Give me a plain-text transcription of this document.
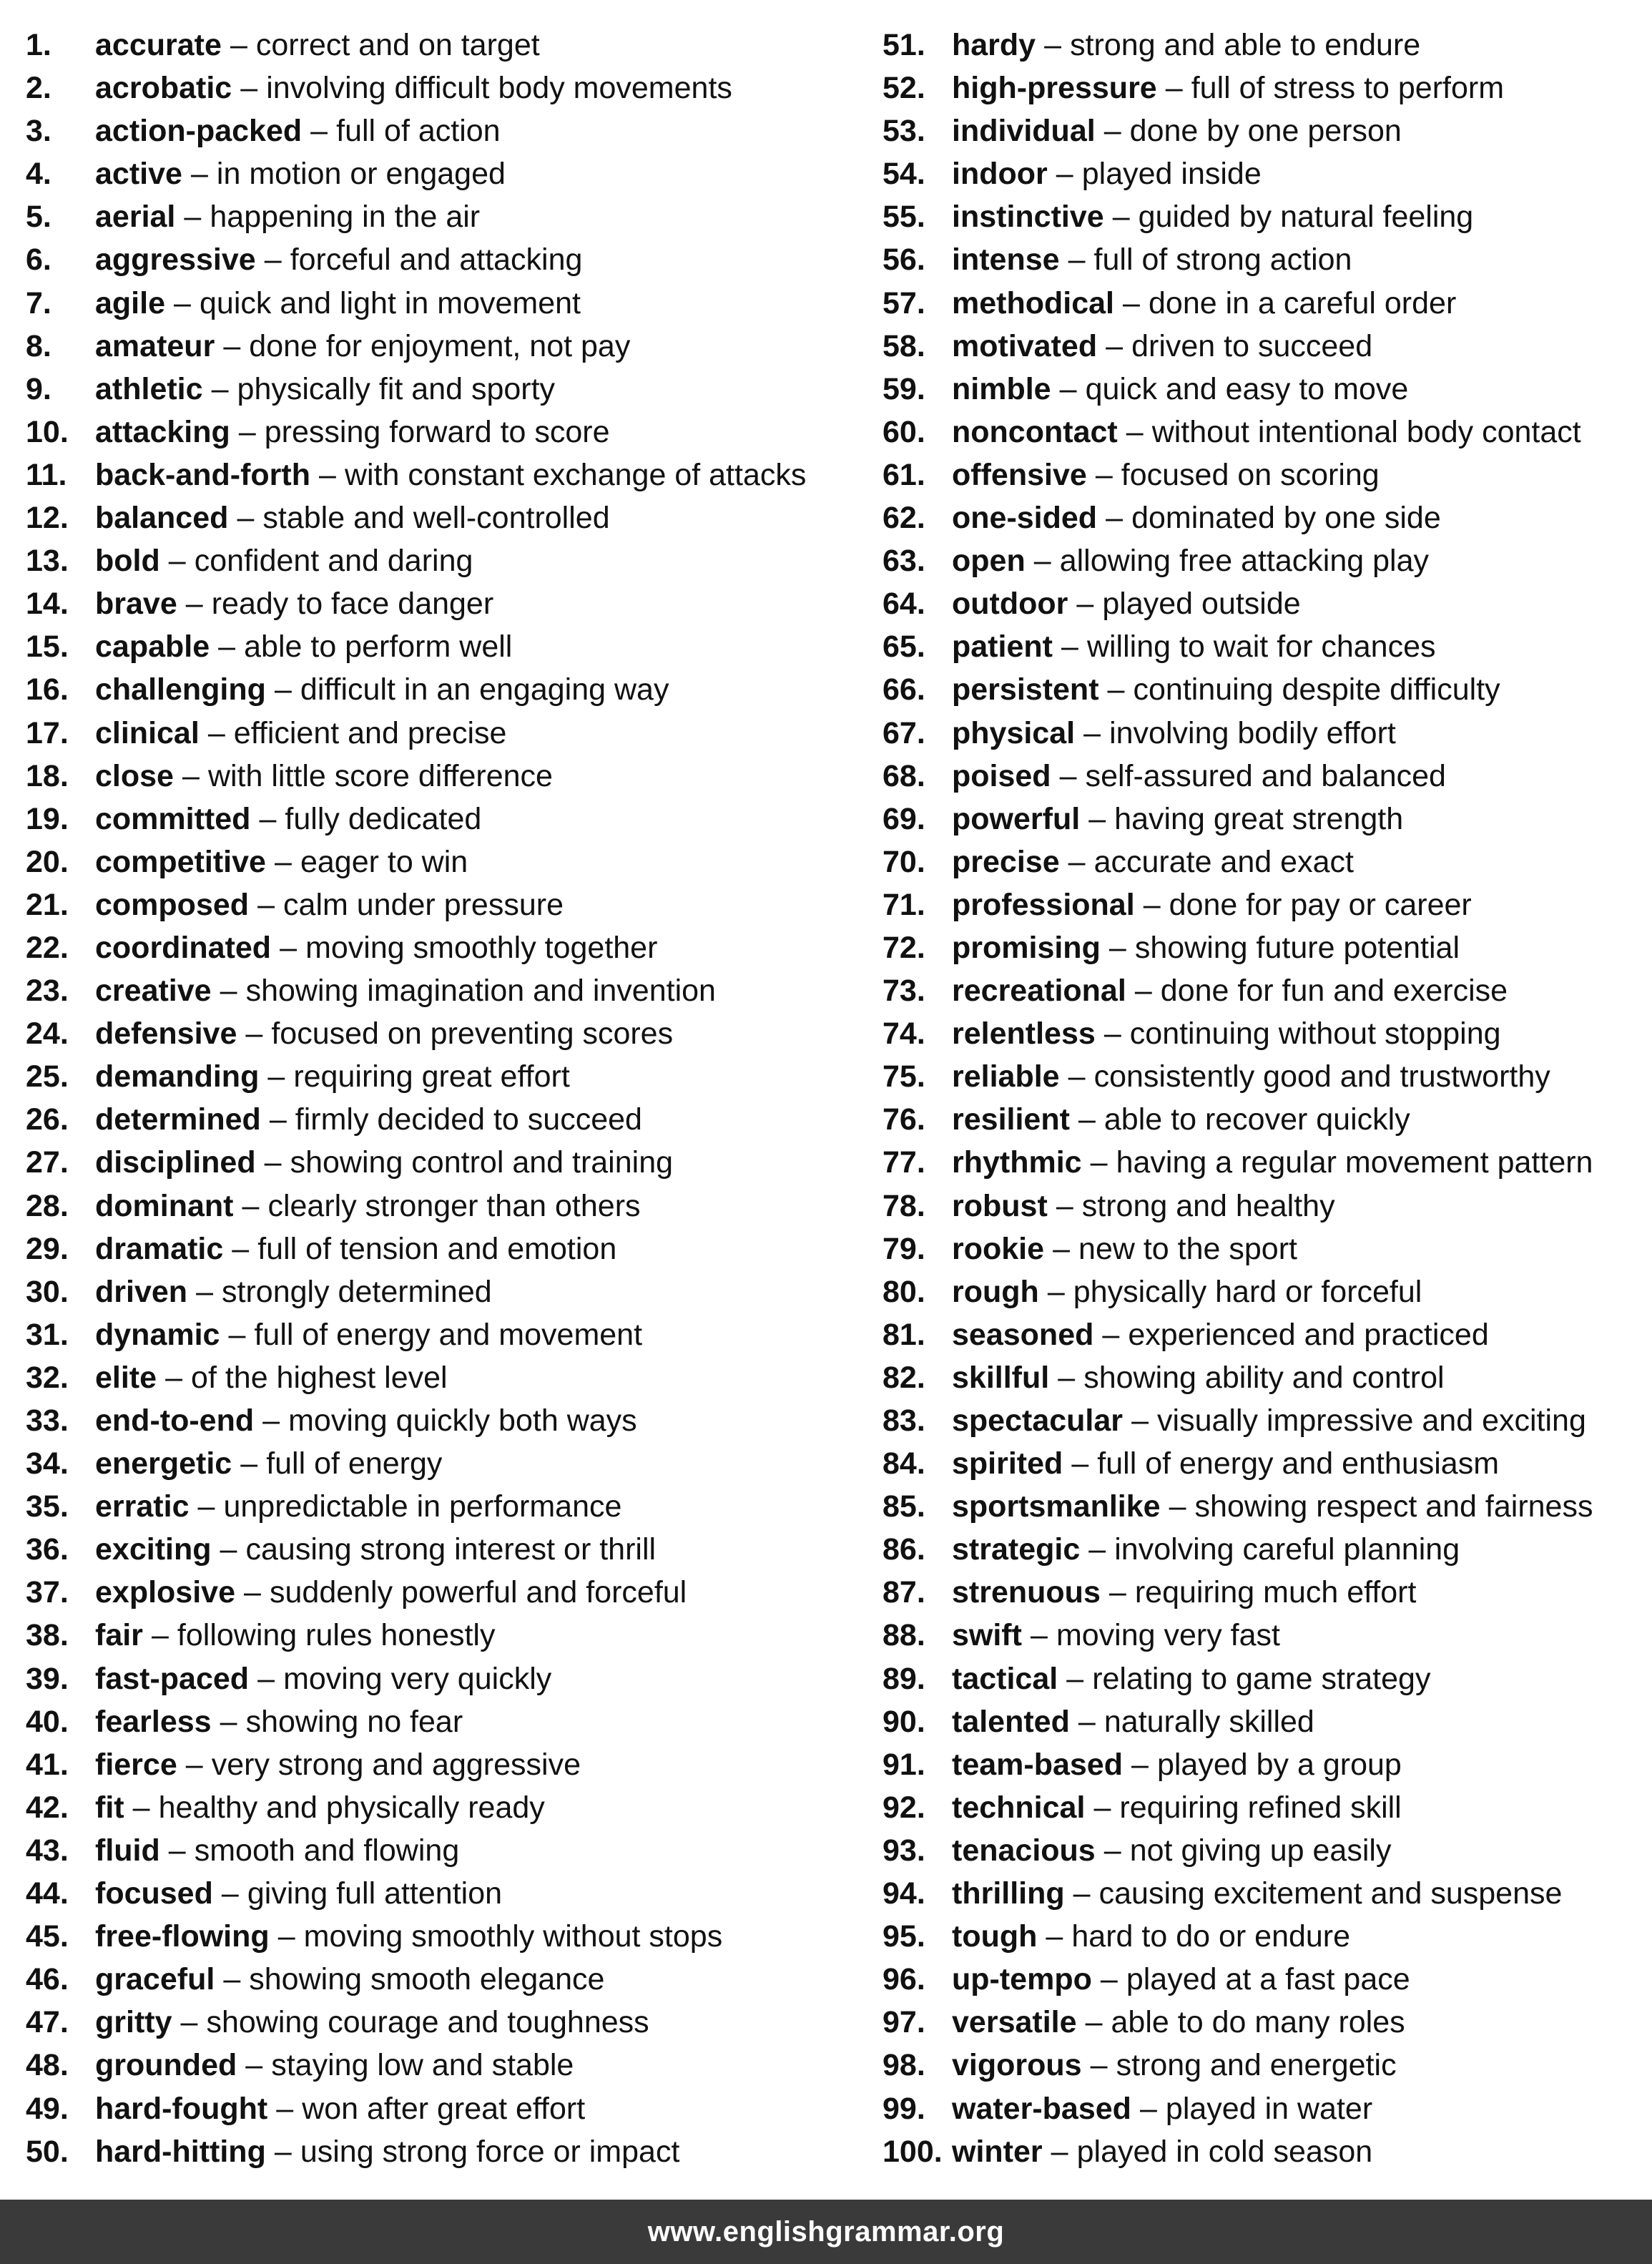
1.	accurate – correct and on target
2.	acrobatic – involving difficult body movements
3.	action-packed – full of action
4.	active – in motion or engaged
5.	aerial – happening in the air
6.	aggressive – forceful and attacking
7.	agile – quick and light in movement
8.	amateur – done for enjoyment, not pay
9.	athletic – physically fit and sporty
10. attacking – pressing forward to score
11. back-and-forth – with constant exchange of attacks
12. balanced – stable and well-controlled
13. bold – confident and daring
14. brave – ready to face danger
15. capable – able to perform well
16. challenging – difficult in an engaging way
17. clinical – efficient and precise
18. close – with little score difference
19. committed – fully dedicated
20. competitive – eager to win
21. composed – calm under pressure
22. coordinated – moving smoothly together
23. creative – showing imagination and invention
24. defensive – focused on preventing scores
25. demanding – requiring great effort
26. determined – firmly decided to succeed
27. disciplined – showing control and training
28. dominant – clearly stronger than others
29. dramatic – full of tension and emotion
30. driven – strongly determined
31. dynamic – full of energy and movement
32. elite – of the highest level
33. end-to-end – moving quickly both ways
34. energetic – full of energy
35. erratic – unpredictable in performance
36. exciting – causing strong interest or thrill
37. explosive – suddenly powerful and forceful
38. fair – following rules honestly
39. fast-paced – moving very quickly
40. fearless – showing no fear
41. fierce – very strong and aggressive
42. fit – healthy and physically ready
43. fluid – smooth and flowing
44. focused – giving full attention
45. free-flowing – moving smoothly without stops
46. graceful – showing smooth elegance
47. gritty – showing courage and toughness
48. grounded – staying low and stable
49. hard-fought – won after great effort
50. hard-hitting – using strong force or impact
51. hardy – strong and able to endure
52. high-pressure – full of stress to perform
53. individual – done by one person
54. indoor – played inside
55. instinctive – guided by natural feeling
56. intense – full of strong action
57. methodical – done in a careful order
58. motivated – driven to succeed
59. nimble – quick and easy to move
60. noncontact – without intentional body contact
61. offensive – focused on scoring
62. one-sided – dominated by one side
63. open – allowing free attacking play
64. outdoor – played outside
65. patient – willing to wait for chances
66. persistent – continuing despite difficulty
67. physical – involving bodily effort
68. poised – self-assured and balanced
69. powerful – having great strength
70. precise – accurate and exact
71. professional – done for pay or career
72. promising – showing future potential
73. recreational – done for fun and exercise
74. relentless – continuing without stopping
75. reliable – consistently good and trustworthy
76. resilient – able to recover quickly
77. rhythmic – having a regular movement pattern
78. robust – strong and healthy
79. rookie – new to the sport
80. rough – physically hard or forceful
81. seasoned – experienced and practiced
82. skillful – showing ability and control
83. spectacular – visually impressive and exciting
84. spirited – full of energy and enthusiasm
85. sportsmanlike – showing respect and fairness
86. strategic – involving careful planning
87. strenuous – requiring much effort
88. swift – moving very fast
89. tactical – relating to game strategy
90. talented – naturally skilled
91. team-based – played by a group
92. technical – requiring refined skill
93. tenacious – not giving up easily
94. thrilling – causing excitement and suspense
95. tough – hard to do or endure
96. up-tempo – played at a fast pace
97. versatile – able to do many roles
98. vigorous – strong and energetic
99. water-based – played in water
100. winter – played in cold season
www.englishgrammar.org
